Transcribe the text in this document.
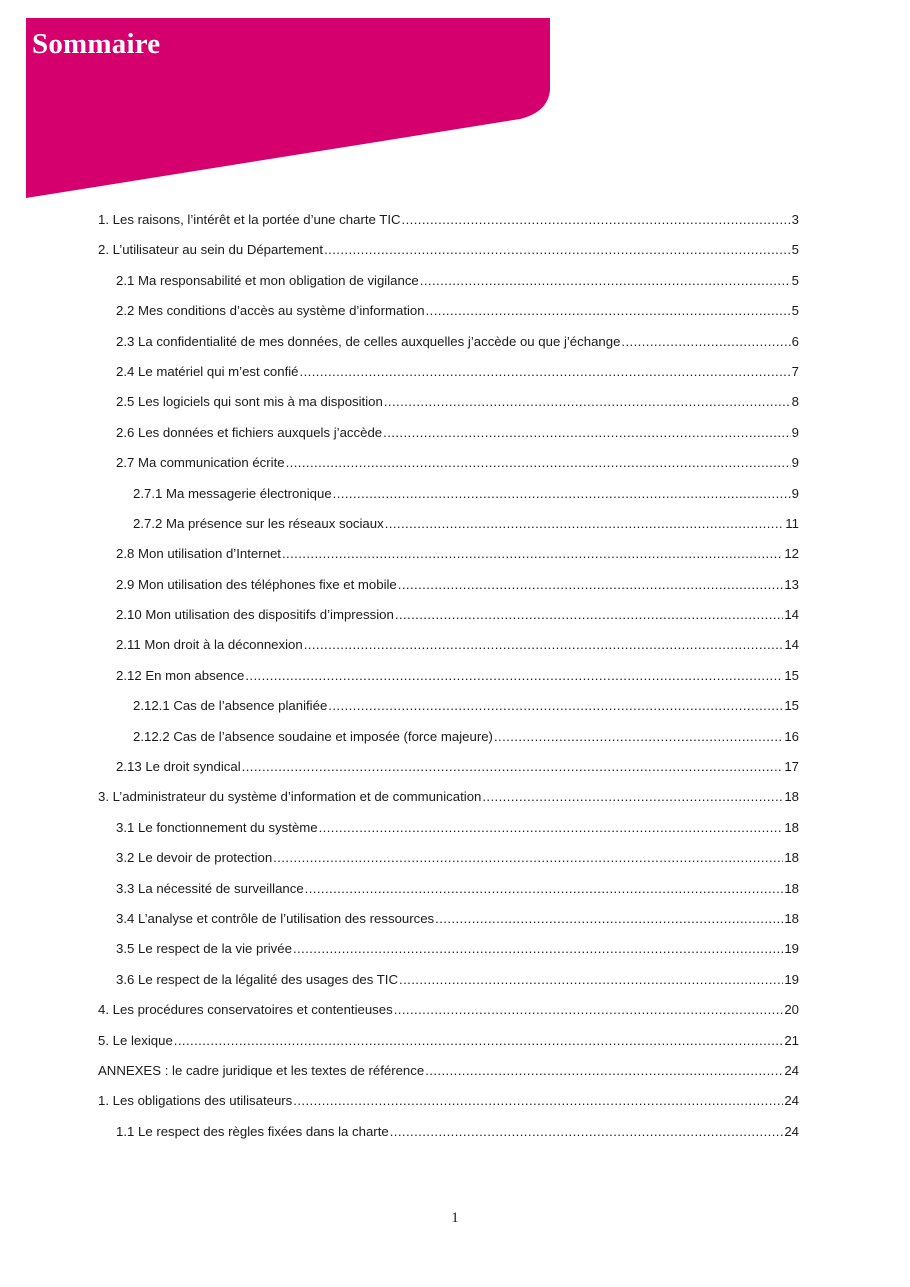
Sommaire
1. Les raisons, l’intérêt et la portée d’une charte TIC .....	3
2. L’utilisateur au sein du Département .....	5
2.1 Ma responsabilité et mon obligation de vigilance .....	5
2.2 Mes conditions d’accès au système d’information .....	5
2.3 La confidentialité de mes données, de celles auxquelles j’accède ou que j’échange .....	6
2.4 Le matériel qui m’est confié .....	7
2.5 Les logiciels qui sont mis à ma disposition .....	8
2.6 Les données et fichiers auxquels j’accède .....	9
2.7 Ma communication écrite .....	9
2.7.1 Ma messagerie électronique .....	9
2.7.2 Ma présence sur les réseaux sociaux .....	11
2.8 Mon utilisation d’Internet .....	12
2.9 Mon utilisation des téléphones fixe et mobile .....	13
2.10 Mon utilisation des dispositifs d’impression .....	14
2.11 Mon droit à la déconnexion .....	14
2.12 En mon absence .....	15
2.12.1 Cas de l’absence planifiée .....	15
2.12.2 Cas de l’absence soudaine et imposée (force majeure) .....	16
2.13 Le droit syndical .....	17
3. L’administrateur du système d’information et de communication .....	18
3.1 Le fonctionnement du système .....	18
3.2 Le devoir de protection .....	18
3.3 La nécessité de surveillance .....	18
3.4 L’analyse et contrôle de l’utilisation des ressources .....	18
3.5 Le respect de la vie privée .....	19
3.6 Le respect de la légalité des usages des TIC .....	19
4. Les procédures conservatoires et contentieuses .....	20
5. Le lexique .....	21
ANNEXES : le cadre juridique et les textes de référence .....	24
1. Les obligations des utilisateurs .....	24
1.1 Le respect des règles fixées dans la charte .....	24
1
